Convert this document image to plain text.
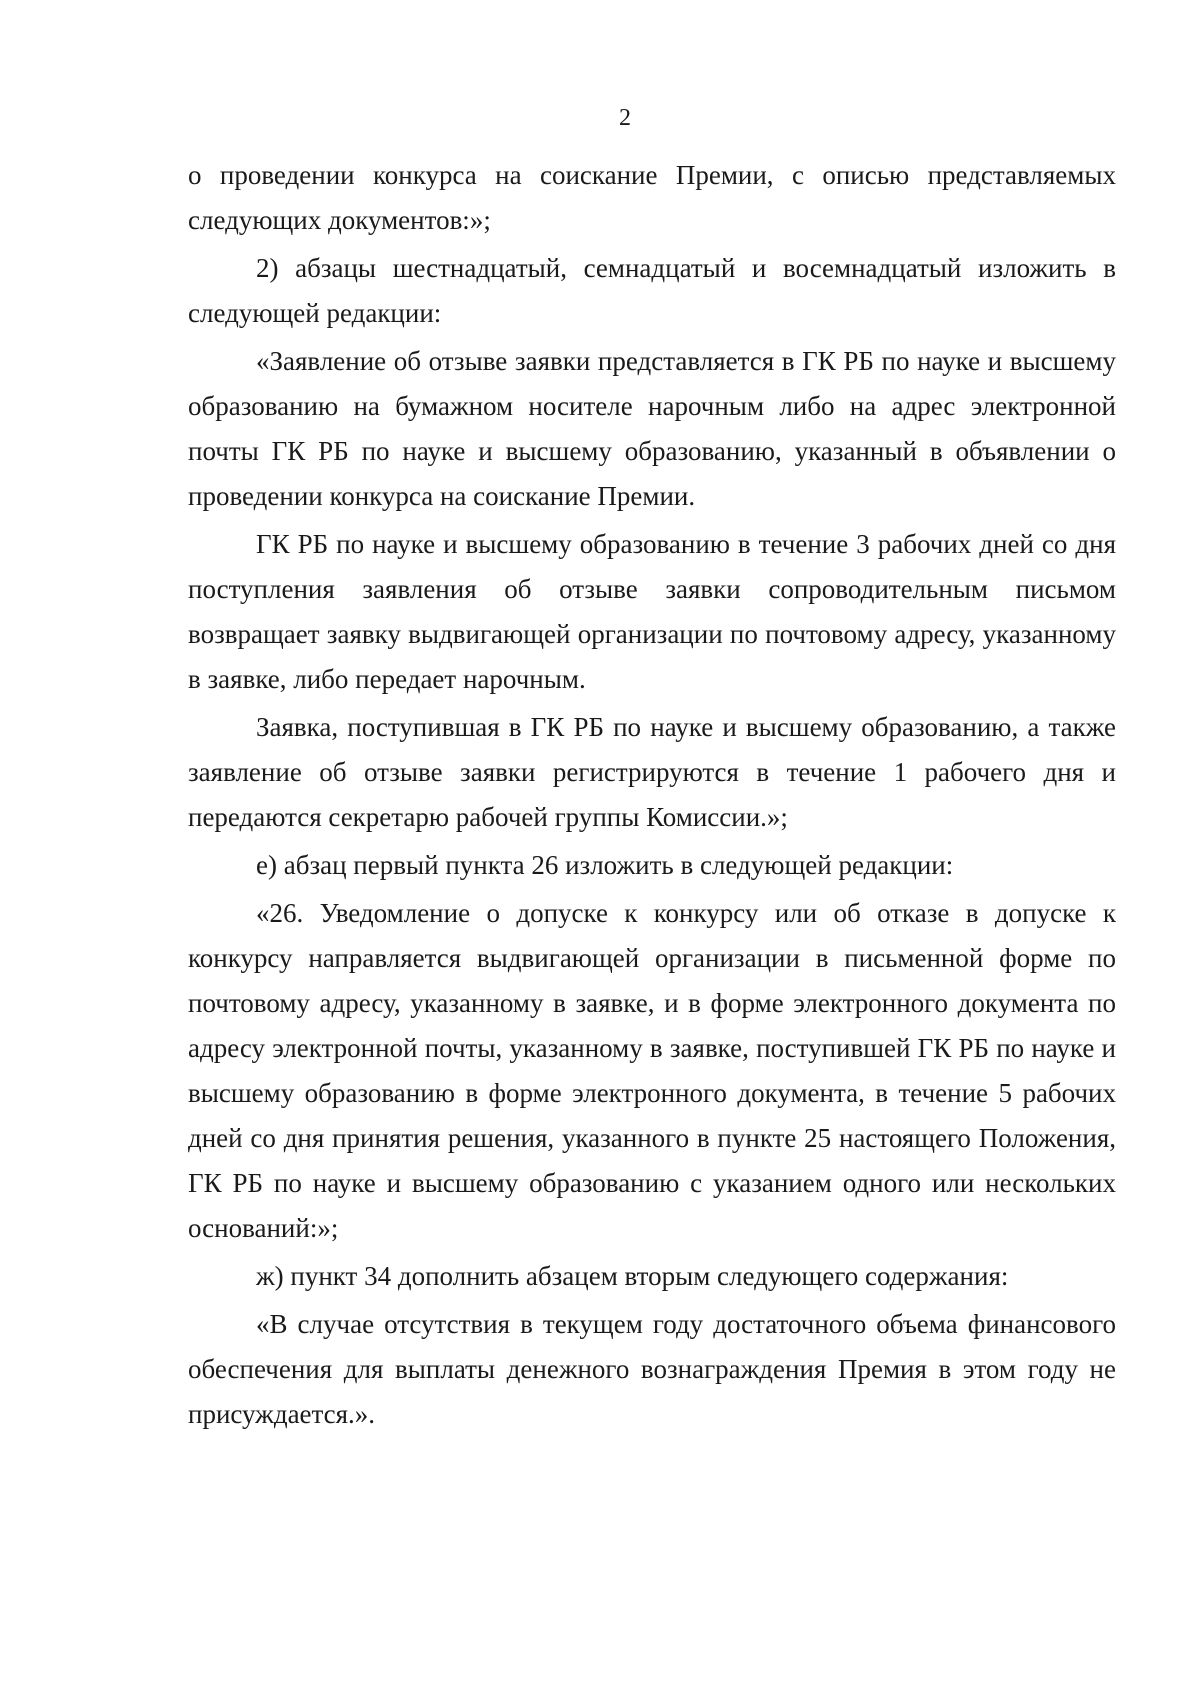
2

о проведении конкурса на соискание Премии, с описью представляемых следующих документов:»;

2) абзацы шестнадцатый, семнадцатый и восемнадцатый изложить в следующей редакции:

«Заявление об отзыве заявки представляется в ГК РБ по науке и высшему образованию на бумажном носителе нарочным либо на адрес электронной почты ГК РБ по науке и высшему образованию, указанный в объявлении о проведении конкурса на соискание Премии.

ГК РБ по науке и высшему образованию в течение 3 рабочих дней со дня поступления заявления об отзыве заявки сопроводительным письмом возвращает заявку выдвигающей организации по почтовому адресу, указанному в заявке, либо передает нарочным.

Заявка, поступившая в ГК РБ по науке и высшему образованию, а также заявление об отзыве заявки регистрируются в течение 1 рабочего дня и передаются секретарю рабочей группы Комиссии.»;

е) абзац первый пункта 26 изложить в следующей редакции:

«26. Уведомление о допуске к конкурсу или об отказе в допуске к конкурсу направляется выдвигающей организации в письменной форме по почтовому адресу, указанному в заявке, и в форме электронного документа по адресу электронной почты, указанному в заявке, поступившей ГК РБ по науке и высшему образованию в форме электронного документа, в течение 5 рабочих дней со дня принятия решения, указанного в пункте 25 настоящего Положения, ГК РБ по науке и высшему образованию с указанием одного или нескольких оснований:»;

ж) пункт 34 дополнить абзацем вторым следующего содержания:

«В случае отсутствия в текущем году достаточного объема финансового обеспечения для выплаты денежного вознаграждения Премия в этом году не присуждается.».
